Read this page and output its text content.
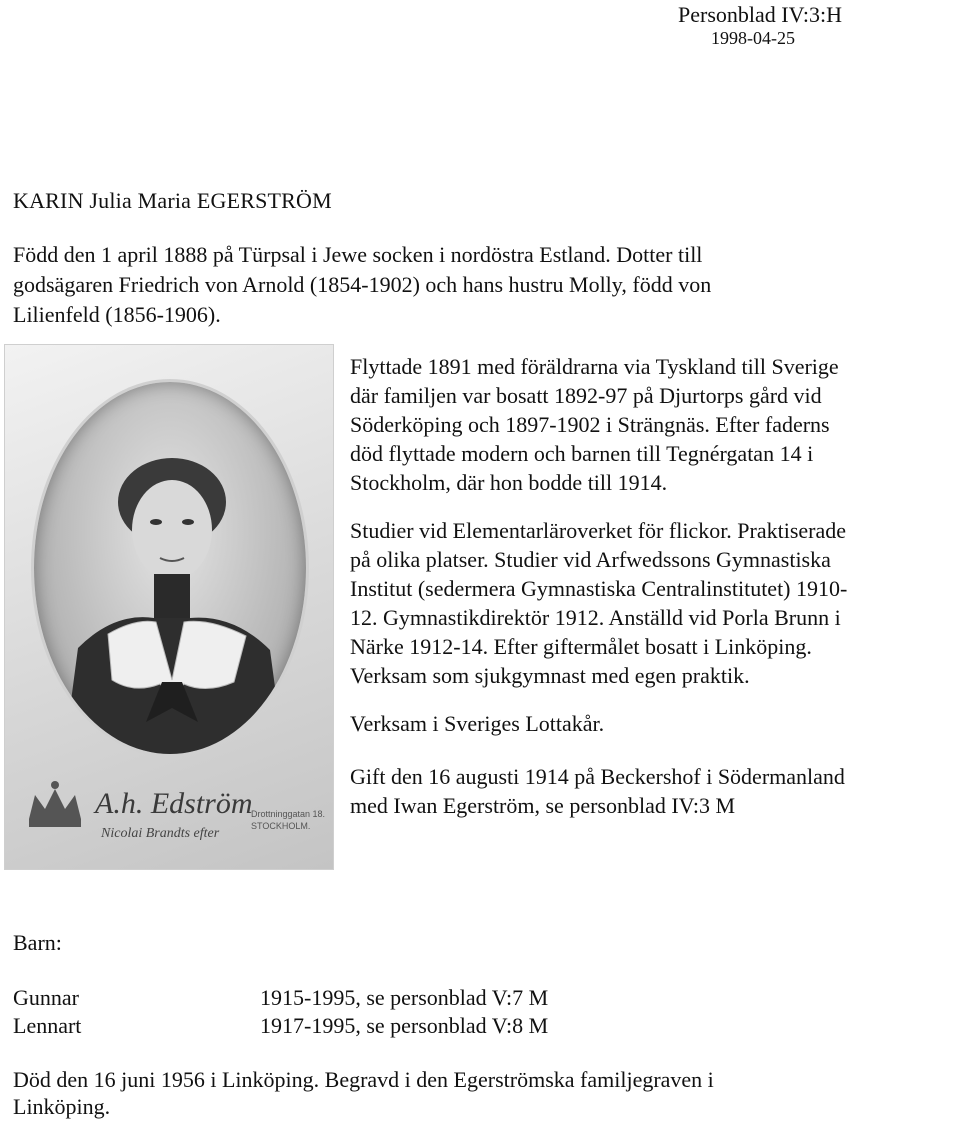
Personblad IV:3:H
1998-04-25
KARIN Julia Maria EGERSTRÖM
Född den 1 april 1888 på Türpsal i Jewe socken i nordöstra Estland. Dotter till
godsägaren Friedrich von Arnold (1854-1902) och hans hustru Molly, född von
Lilienfeld (1856-1906).
A.h. Edström
Nicolai Brandts efter
Drottninggatan 18.
STOCKHOLM.
Flyttade 1891 med föräldrarna via Tyskland till Sverige
där familjen var bosatt 1892-97 på Djurtorps gård vid
Söderköping och 1897-1902 i Strängnäs. Efter faderns
död flyttade modern och barnen till Tegnérgatan 14 i
Stockholm, där hon bodde till 1914.
Studier vid Elementarläroverket för flickor. Praktiserade
på olika platser. Studier vid Arfwedssons Gymnastiska
Institut (sedermera Gymnastiska Centralinstitutet) 1910-
12. Gymnastikdirektör 1912. Anställd vid Porla Brunn i
Närke 1912-14. Efter giftermålet bosatt i Linköping.
Verksam som sjukgymnast med egen praktik.
Verksam i Sveriges Lottakår.
Gift den 16 augusti 1914 på Beckershof i Södermanland
med Iwan Egerström, se personblad IV:3 M
Barn:
Gunnar	1915-1995, se personblad V:7 M
Lennart	1917-1995, se personblad V:8 M
Död den 16 juni 1956 i Linköping. Begravd i den Egerströmska familjegraven i
Linköping.
